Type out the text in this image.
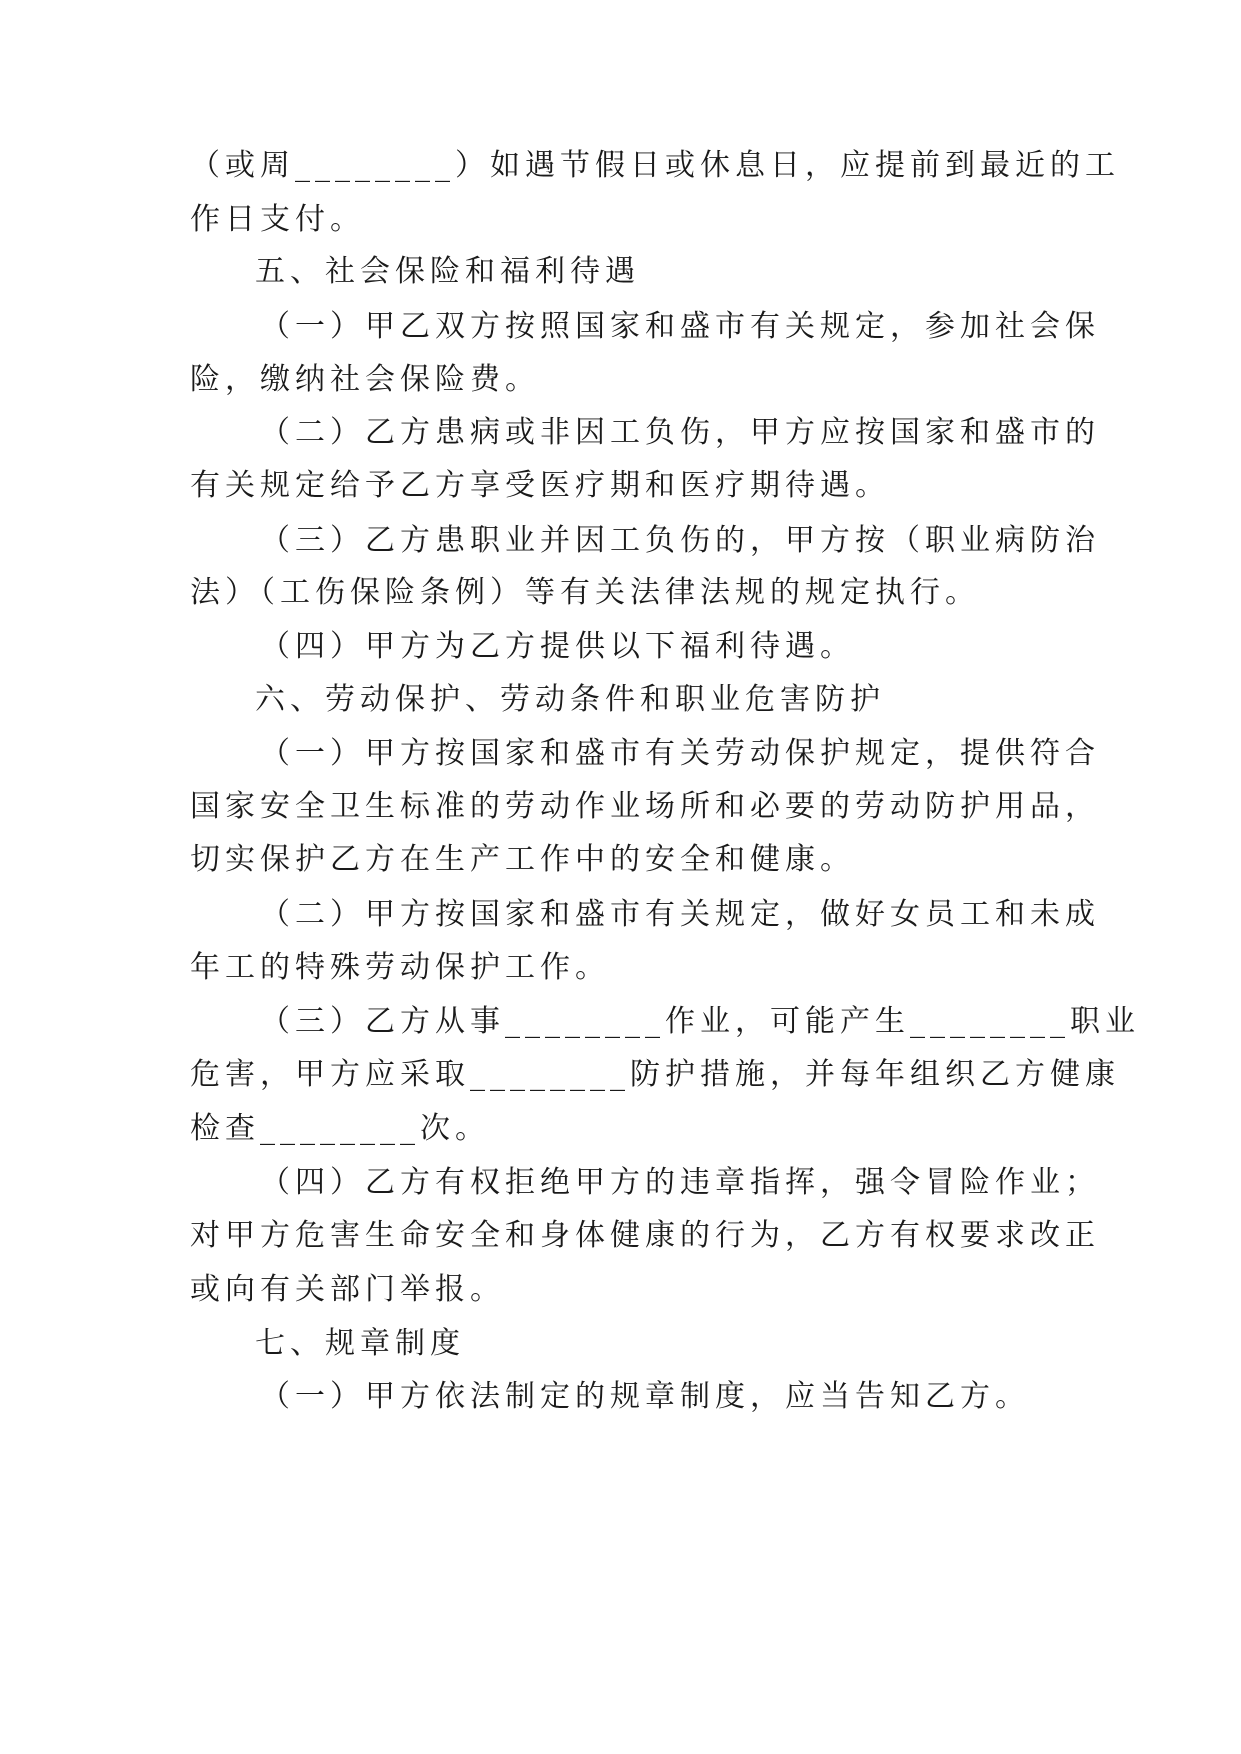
（或周________）如遇节假日或休息日，应提前到最近的工
作日支付。
五、社会保险和福利待遇
（一）甲乙双方按照国家和盛市有关规定，参加社会保
险，缴纳社会保险费。
（二）乙方患病或非因工负伤，甲方应按国家和盛市的
有关规定给予乙方享受医疗期和医疗期待遇。
（三）乙方患职业并因工负伤的，甲方按（职业病防治
法）（工伤保险条例）等有关法律法规的规定执行。
（四）甲方为乙方提供以下福利待遇。
六、劳动保护、劳动条件和职业危害防护
（一）甲方按国家和盛市有关劳动保护规定，提供符合
国家安全卫生标准的劳动作业场所和必要的劳动防护用品，
切实保护乙方在生产工作中的安全和健康。
（二）甲方按国家和盛市有关规定，做好女员工和未成
年工的特殊劳动保护工作。
（三）乙方从事________作业，可能产生________职业
危害，甲方应采取________防护措施，并每年组织乙方健康
检查________次。
（四）乙方有权拒绝甲方的违章指挥，强令冒险作业；
对甲方危害生命安全和身体健康的行为，乙方有权要求改正
或向有关部门举报。
七、规章制度
（一）甲方依法制定的规章制度，应当告知乙方。
